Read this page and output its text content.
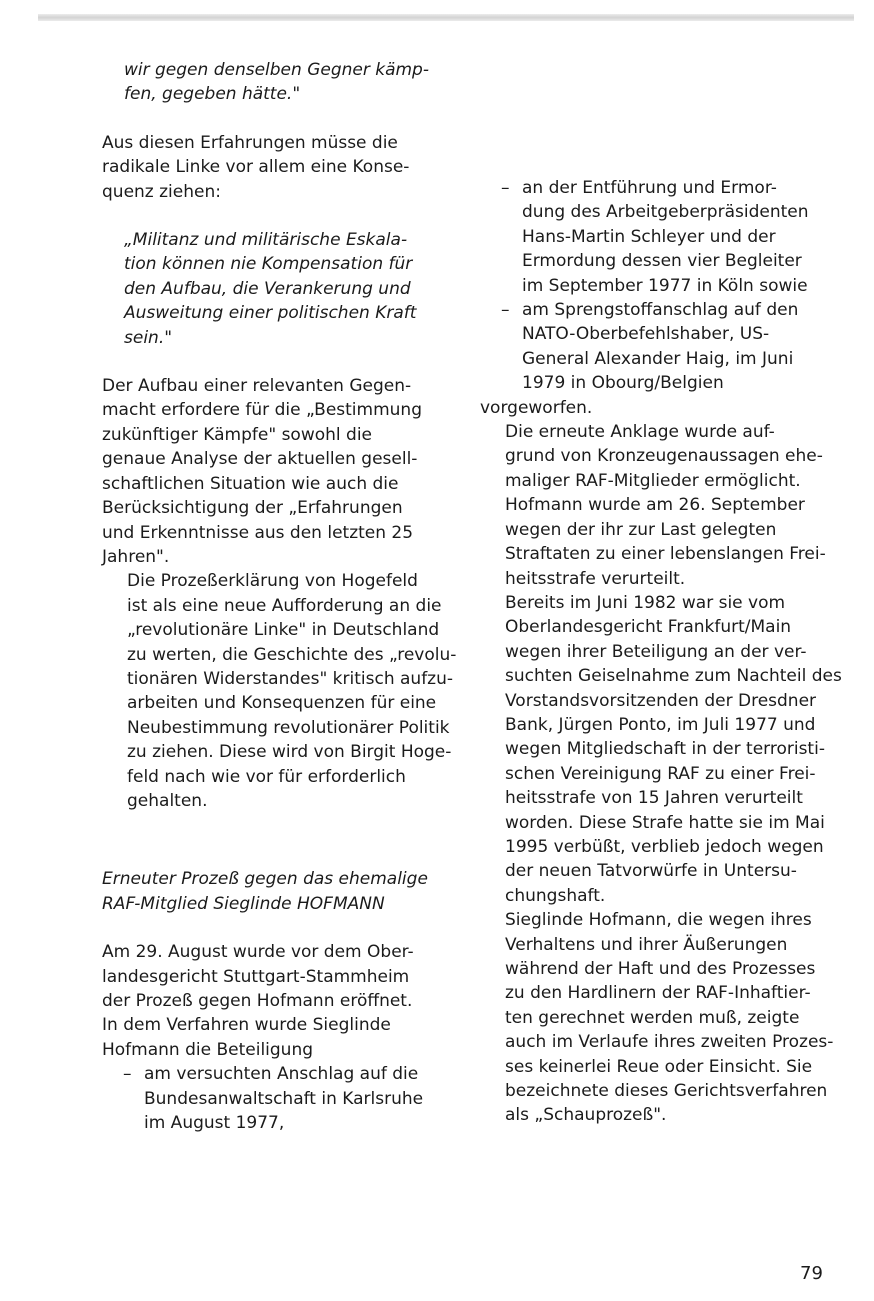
wir gegen denselben Gegner kämp-
fen, gegeben hätte."

Aus diesen Erfahrungen müsse die
radikale Linke vor allem eine Konse-
quenz ziehen:

„Militanz und militärische Eskala-
tion können nie Kompensation für
den Aufbau, die Verankerung und
Ausweitung einer politischen Kraft
sein."

Der Aufbau einer relevanten Gegen-
macht erfordere für die „Bestimmung
zukünftiger Kämpfe" sowohl die
genaue Analyse der aktuellen gesell-
schaftlichen Situation wie auch die
Berücksichtigung der „Erfahrungen
und Erkenntnisse aus den letzten 25
Jahren".

Die Prozeßerklärung von Hogefeld
ist als eine neue Aufforderung an die
„revolutionäre Linke" in Deutschland
zu werten, die Geschichte des „revolu-
tionären Widerstandes" kritisch aufzu-
arbeiten und Konsequenzen für eine
Neubestimmung revolutionärer Politik
zu ziehen. Diese wird von Birgit Hoge-
feld nach wie vor für erforderlich
gehalten.

Erneuter Prozeß gegen das ehemalige
RAF-Mitglied Sieglinde HOFMANN

Am 29. August wurde vor dem Ober-
landesgericht Stuttgart-Stammheim
der Prozeß gegen Hofmann eröffnet.
In dem Verfahren wurde Sieglinde
Hofmann die Beteiligung

– am versuchten Anschlag auf die
Bundesanwaltschaft in Karlsruhe
im August 1977,
– an der Entführung und Ermor-
dung des Arbeitgeberpräsidenten
Hans-Martin Schleyer und der
Ermordung dessen vier Begleiter
im September 1977 in Köln sowie
– am Sprengstoffanschlag auf den
NATO-Oberbefehlshaber, US-
General Alexander Haig, im Juni
1979 in Obourg/Belgien

vorgeworfen.

Die erneute Anklage wurde auf-
grund von Kronzeugenaussagen ehe-
maliger RAF-Mitglieder ermöglicht.
Hofmann wurde am 26. September
wegen der ihr zur Last gelegten
Straftaten zu einer lebenslangen Frei-
heitsstrafe verurteilt.

Bereits im Juni 1982 war sie vom
Oberlandesgericht Frankfurt/Main
wegen ihrer Beteiligung an der ver-
suchten Geiselnahme zum Nachteil des
Vorstandsvorsitzenden der Dresdner
Bank, Jürgen Ponto, im Juli 1977 und
wegen Mitgliedschaft in der terroristi-
schen Vereinigung RAF zu einer Frei-
heitsstrafe von 15 Jahren verurteilt
worden. Diese Strafe hatte sie im Mai
1995 verbüßt, verblieb jedoch wegen
der neuen Tatvorwürfe in Untersu-
chungshaft.

Sieglinde Hofmann, die wegen ihres
Verhaltens und ihrer Äußerungen
während der Haft und des Prozesses
zu den Hardlinern der RAF-Inhaftier-
ten gerechnet werden muß, zeigte
auch im Verlaufe ihres zweiten Prozes-
ses keinerlei Reue oder Einsicht. Sie
bezeichnete dieses Gerichtsverfahren
als „Schauprozeß".

79
